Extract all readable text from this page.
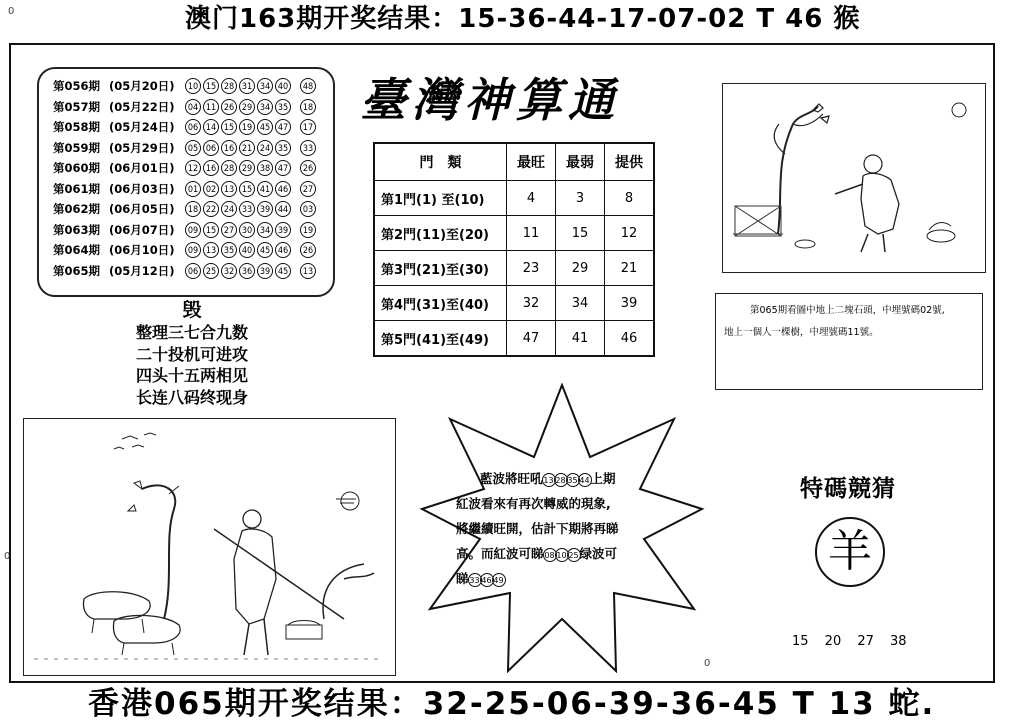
澳门163期开奖结果：15-36-44-17-07-02 T 46 猴
0
0
0
第056期 (05月20日)	10 15 28 31 34 40	48
第057期 (05月22日)	04 11 26 29 34 35	18
第058期 (05月24日)	06 14 15 19 45 47	17
第059期 (05月29日)	05 06 16 21 24 35	33
第060期 (06月01日)	12 16 28 29 38 47	26
第061期 (06月03日)	01 02 13 15 41 46	27
第062期 (06月05日)	18 22 24 33 39 44	03
第063期 (06月07日)	09 15 27 30 34 39	19
第064期 (06月10日)	09 13 35 40 45 46	26
第065期 (05月12日)	06 25 32 36 39 45	13
毁
整理三七合九数
二十投机可进攻
四头十五两相见
长连八码终现身
臺灣神算通
門　類	最旺	最弱	提供
第1門(1) 至(10)	4	3	8
第2門(11)至(20)	11	15	12
第3門(21)至(30)	23	29	21
第4門(31)至(40)	32	34	39
第5門(41)至(49)	47	41	46
第065期看圖中地上二塊石頭，中埋號碼02號,
地上一個人一棵樹，中埋號碼11號。
藍波將旺吼13 28 35 44上期
紅波看來有再次轉威的現象,
將繼續旺開，估計下期將再睇
高。而紅波可睇08 10 25绿波可
睇33 46 49
特碼競猜
羊
15 20 27 38
香港065期开奖结果：32-25-06-39-36-45 T 13 蛇.
